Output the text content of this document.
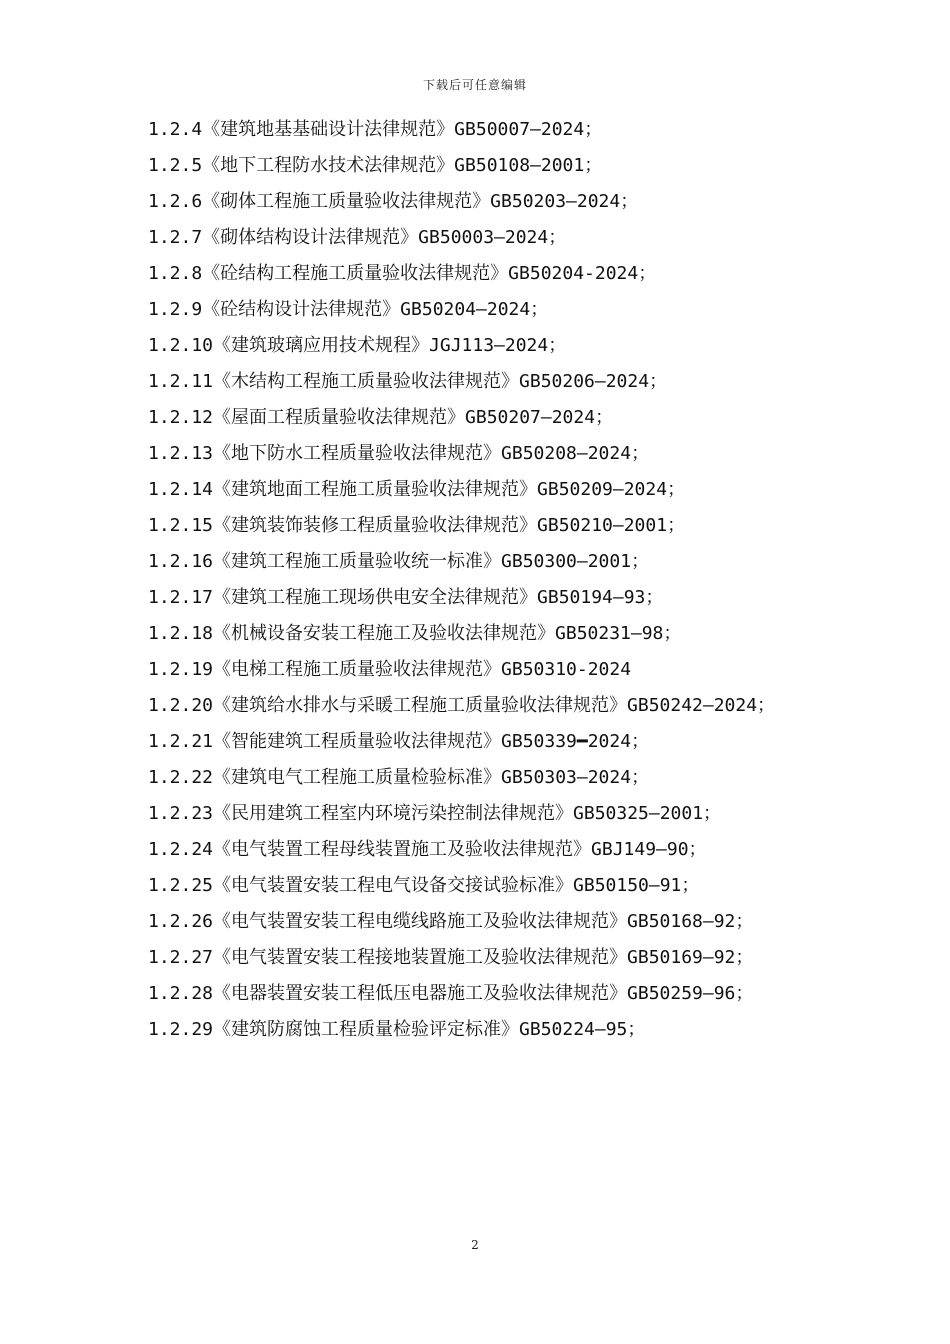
下载后可任意编辑
1.2.4《建筑地基基础设计法律规范》GB50007—2024；
1.2.5《地下工程防水技术法律规范》GB50108—2001；
1.2.6《砌体工程施工质量验收法律规范》GB50203—2024；
1.2.7《砌体结构设计法律规范》GB50003—2024；
1.2.8《砼结构工程施工质量验收法律规范》GB50204-2024；
1.2.9《砼结构设计法律规范》GB50204—2024；
1.2.10《建筑玻璃应用技术规程》JGJ113—2024；
1.2.11《木结构工程施工质量验收法律规范》GB50206—2024；
1.2.12《屋面工程质量验收法律规范》GB50207—2024；
1.2.13《地下防水工程质量验收法律规范》GB50208—2024；
1.2.14《建筑地面工程施工质量验收法律规范》GB50209—2024；
1.2.15《建筑装饰装修工程质量验收法律规范》GB50210—2001；
1.2.16《建筑工程施工质量验收统一标准》GB50300—2001；
1.2.17《建筑工程施工现场供电安全法律规范》GB50194—93；
1.2.18《机械设备安装工程施工及验收法律规范》GB50231—98；
1.2.19《电梯工程施工质量验收法律规范》GB50310-2024
1.2.20《建筑给水排水与采暖工程施工质量验收法律规范》GB50242—2024；
1.2.21《智能建筑工程质量验收法律规范》GB50339━2024；
1.2.22《建筑电气工程施工质量检验标准》GB50303—2024；
1.2.23《民用建筑工程室内环境污染控制法律规范》GB50325—2001；
1.2.24《电气装置工程母线装置施工及验收法律规范》GBJ149—90；
1.2.25《电气装置安装工程电气设备交接试验标准》GB50150—91；
1.2.26《电气装置安装工程电缆线路施工及验收法律规范》GB50168—92；
1.2.27《电气装置安装工程接地装置施工及验收法律规范》GB50169—92；
1.2.28《电器装置安装工程低压电器施工及验收法律规范》GB50259—96；
1.2.29《建筑防腐蚀工程质量检验评定标准》GB50224—95；
2
